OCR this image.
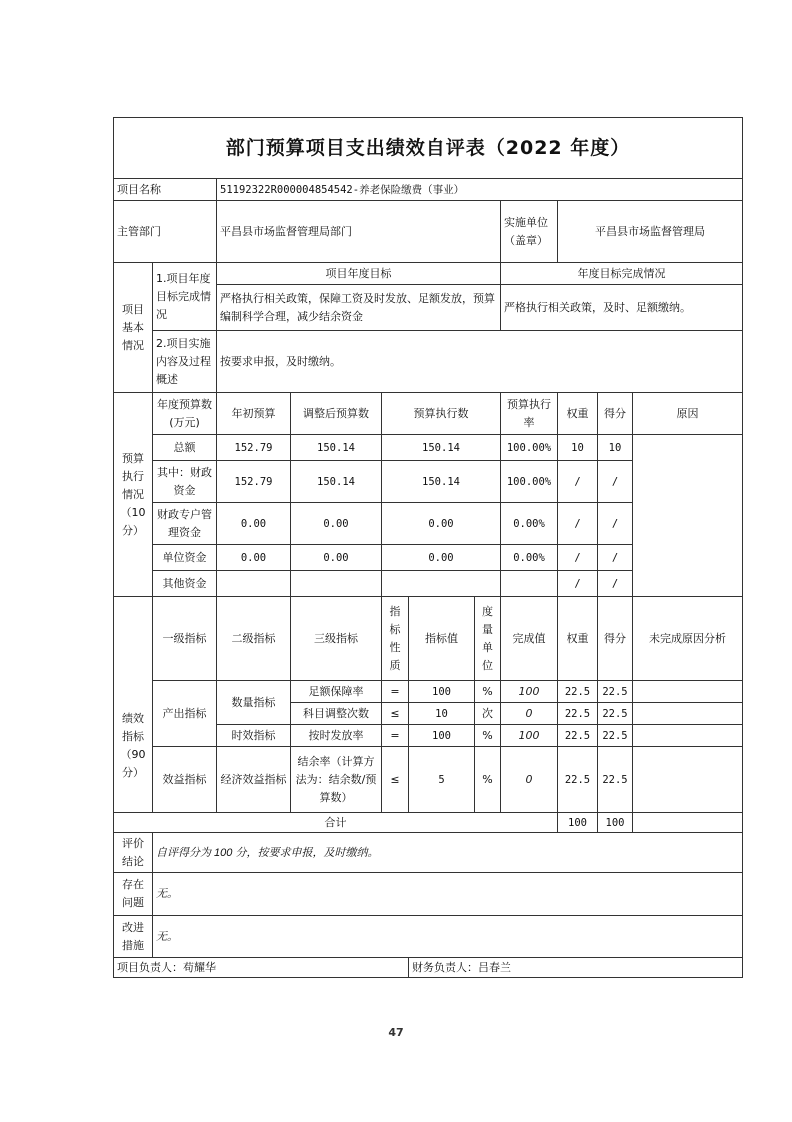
部门预算项目支出绩效自评表（2022 年度）										
项目名称		51192322R000004854542-养老保险缴费（事业）								
主管部门		平昌县市场监督管理局部门					实施单位（盖章）	平昌县市场监督管理局		
项目基本情况	1.项目年度目标完成情况	项目年度目标					年度目标完成情况			
		严格执行相关政策，保障工资及时发放、足额发放，预算编制科学合理，减少结余资金					严格执行相关政策，及时、足额缴纳。			
	2.项目实施内容及过程概述	按要求申报，及时缴纳。								
预算执行情况（10分）	年度预算数(万元)	年初预算	调整后预算数	预算执行数			预算执行率	权重	得分	原因
	总额	152.79	150.14	150.14			100.00%	10	10	
	其中：财政资金	152.79	150.14	150.14			100.00%	/	/	
	财政专户管理资金	0.00	0.00	0.00			0.00%	/	/	
	单位资金	0.00	0.00	0.00			0.00%	/	/	
	其他资金							/	/	
绩效指标（90分）	一级指标	二级指标	三级指标	指标性质	指标值	度量单位	完成值	权重	得分	未完成原因分析
	产出指标	数量指标	足额保障率	=	100	%	100	22.5	22.5	
			科目调整次数	≤	10	次	0	22.5	22.5	
		时效指标	按时发放率	=	100	%	100	22.5	22.5	
	效益指标	经济效益指标	结余率（计算方法为：结余数/预算数）	≤	5	%	0	22.5	22.5	
合计								100	100	
评价结论	自评得分为 100 分，按要求申报，及时缴纳。									
存在问题	无。									
改进措施	无。									
项目负责人：苟耀华					财务负责人：吕春兰					
47
